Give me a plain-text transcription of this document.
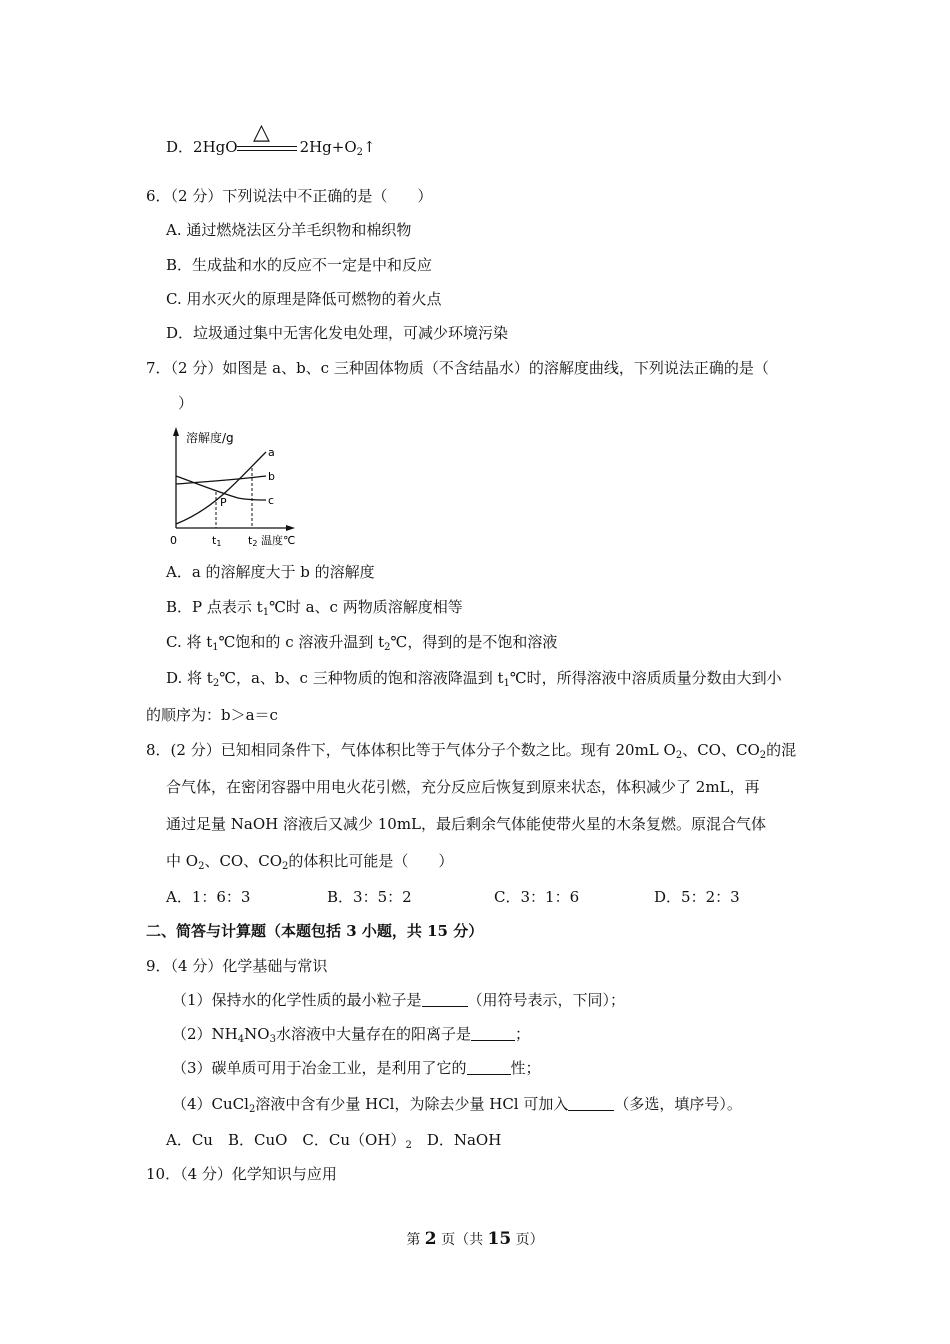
D．2HgO	$2Hg+O_2↑$
△
6．（2 分）下列说法中不正确的是（　　）
A. 通过燃烧法区分羊毛织物和棉织物
B．生成盐和水的反应不一定是中和反应
C. 用水灭火的原理是降低可燃物的着火点
D．垃圾通过集中无害化发电处理，可减少环境污染
7．（2 分）如图是 a、b、c 三种固体物质（不含结晶水）的溶解度曲线，下列说法正确的是（
）
溶解度/g
a
b
c
P
0	t1 t2 温度℃
A．a 的溶解度大于 b 的溶解度
B．P 点表示 $t_1℃$时 a、c 两物质溶解度相等
C. 将 $t_1℃$饱和的 c 溶液升温到 $t_2℃$，得到的是不饱和溶液
D. 将 $t_2℃$，a、b、c 三种物质的饱和溶液降温到 $t_1℃$时，所得溶液中溶质质量分数由大到小
的顺序为：b＞a＝c
8．(2 分）已知相同条件下，气体体积比等于气体分子个数之比。现有 20mL $O_2$、CO、$CO_2$的混
合气体，在密闭容器中用电火花引燃，充分反应后恢复到原来状态，体积减少了 2mL，再
通过足量 NaOH 溶液后又减少 10mL，最后剩余气体能使带火星的木条复燃。原混合气体
中 $O_2$、CO、$CO_2$的体积比可能是（　　）
A．1：6：3	B．3：5：2	C．3：1：6	D．5：2：3
二、简答与计算题（本题包括 3 小题，共 15 分）
9．（4 分）化学基础与常识
（1）保持水的化学性质的最小粒子是	（用符号表示，下同）；
$(2)NH_4NO_3$水溶液中大量存在的阳离子是	；
（3）碳单质可用于冶金工业，是利用了它的	性；
（4）CuCl$_2$溶液中含有少量 HCl，为除去少量 HCl 可加入	（多选，填序号）。
A．Cu　B．CuO　C．$Cu(OH)_2$　D．NaOH
10．（4 分）化学知识与应用
第 2 页（共 15 页）
